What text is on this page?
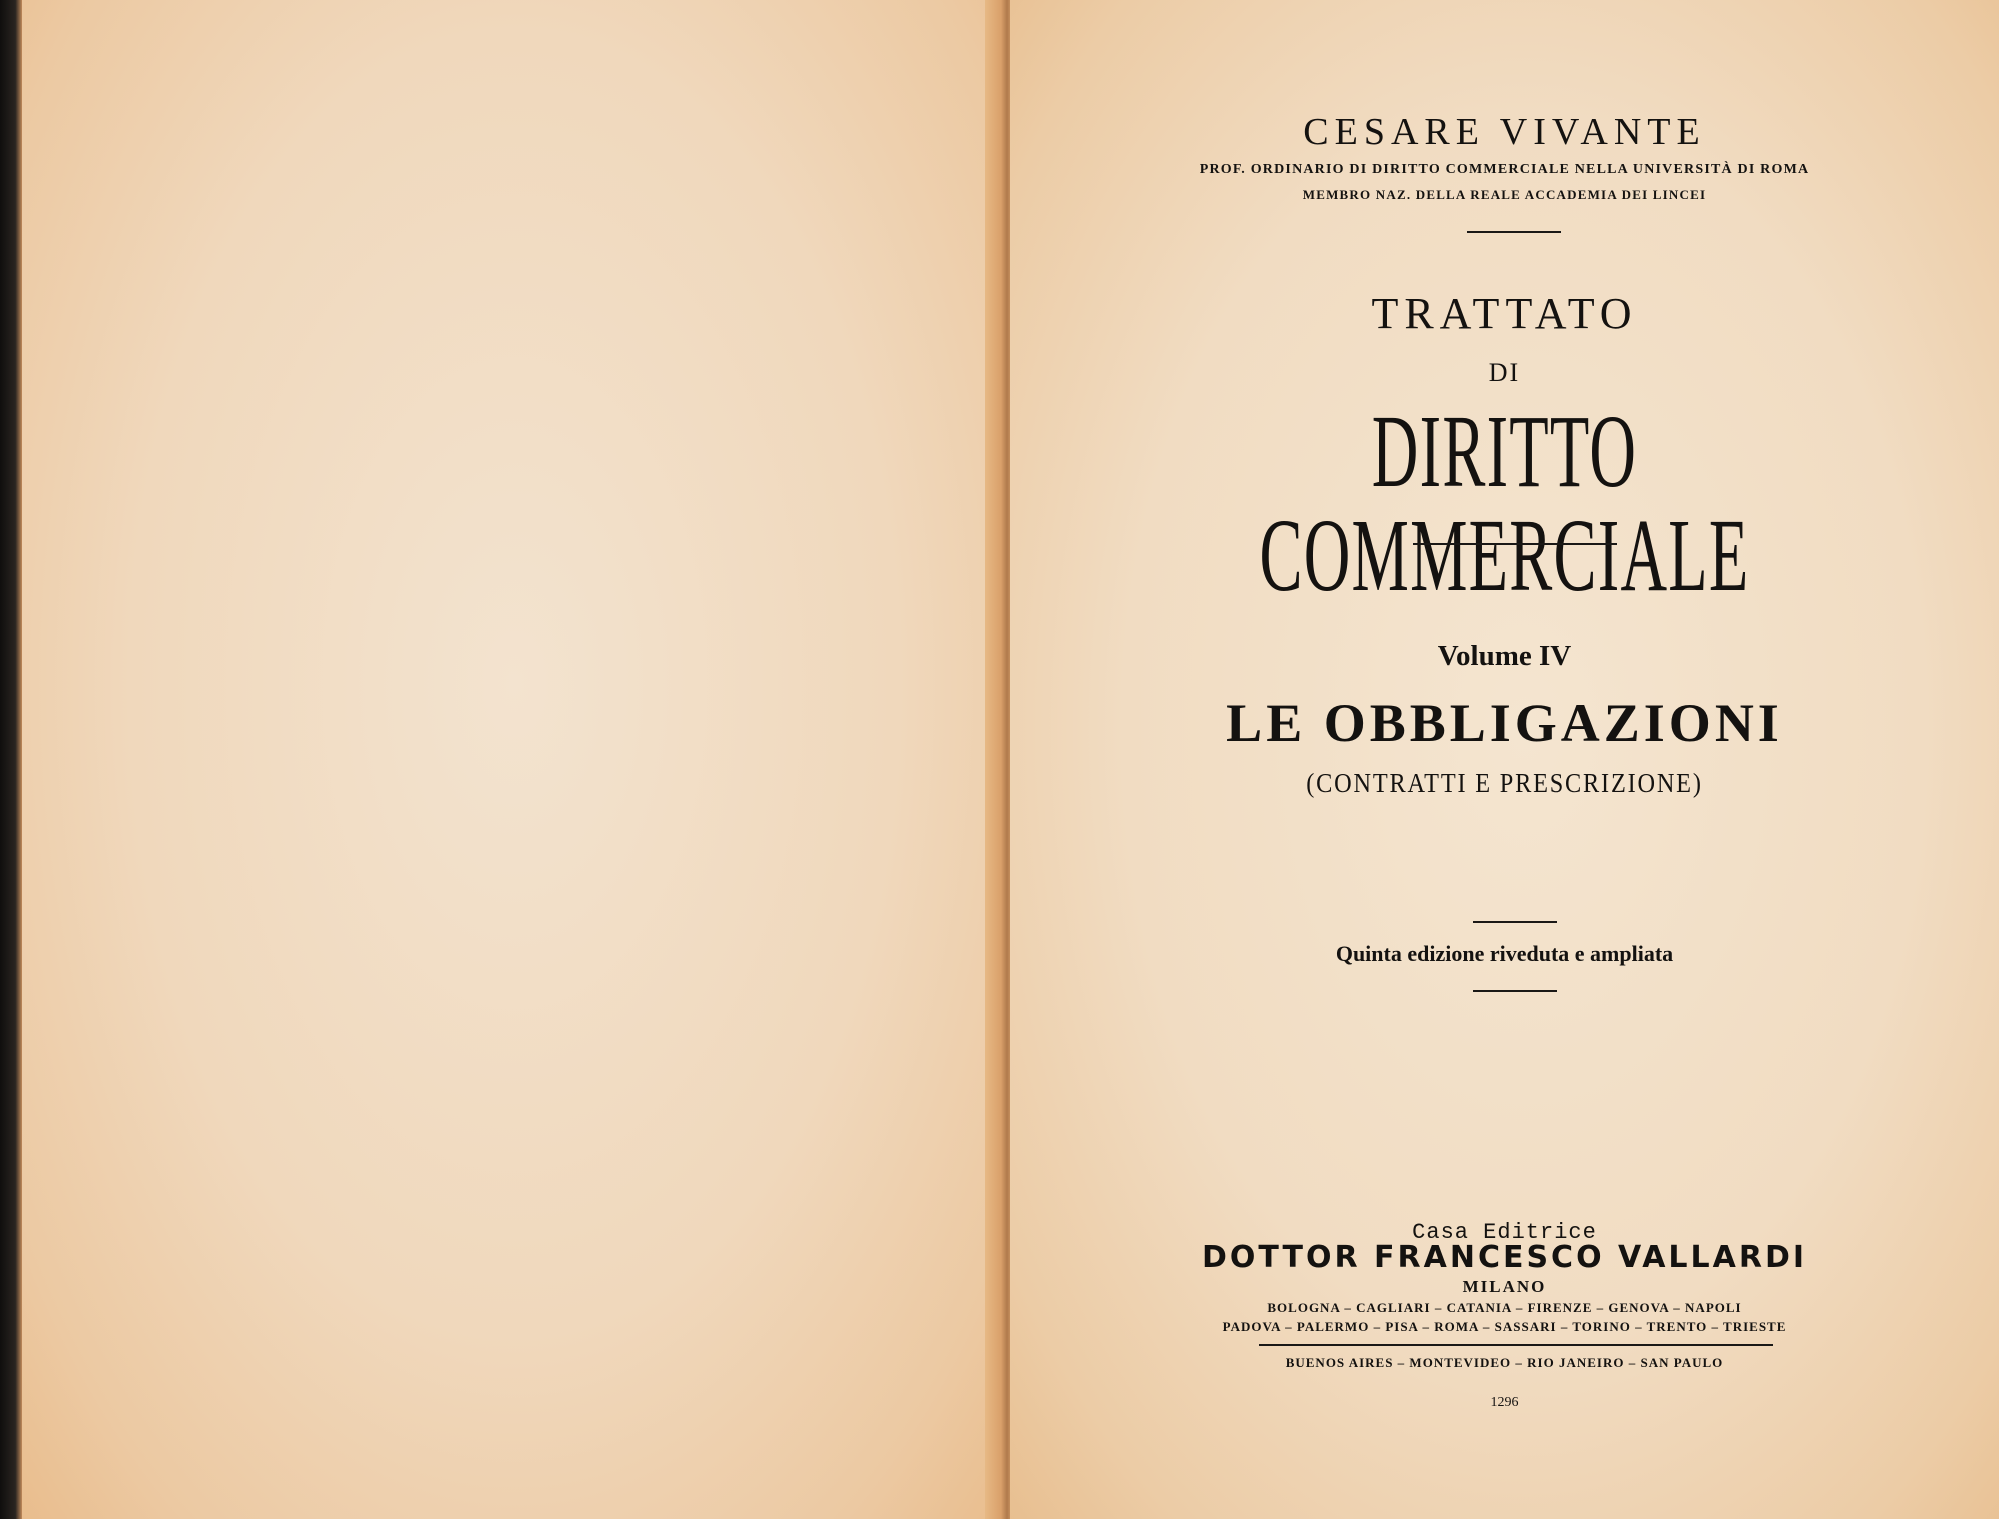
CESARE VIVANTE
PROF. ORDINARIO DI DIRITTO COMMERCIALE NELLA UNIVERSITÀ DI ROMA
MEMBRO NAZ. DELLA REALE ACCADEMIA DEI LINCEI
TRATTATO
DI
DIRITTO COMMERCIALE
Volume IV
LE OBBLIGAZIONI
(CONTRATTI E PRESCRIZIONE)
Quinta edizione riveduta e ampliata
Casa Editrice
DOTTOR FRANCESCO VALLARDI
MILANO
BOLOGNA – CAGLIARI – CATANIA – FIRENZE – GENOVA – NAPOLI
PADOVA – PALERMO – PISA – ROMA – SASSARI – TORINO – TRENTO – TRIESTE
BUENOS AIRES – MONTEVIDEO – RIO JANEIRO – SAN PAULO
1296
